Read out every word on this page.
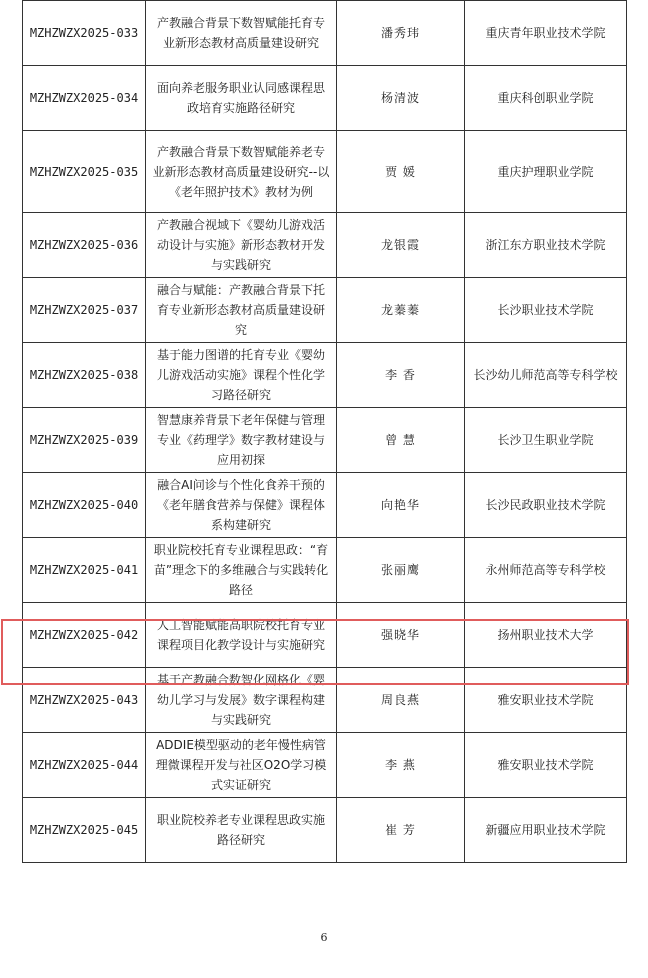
MZHZWZX2025-033	产教融合背景下数智赋能托育专业新形态教材高质量建设研究	潘秀玮	重庆青年职业技术学院
MZHZWZX2025-034	面向养老服务职业认同感课程思政培育实施路径研究	杨清波	重庆科创职业学院
MZHZWZX2025-035	产教融合背景下数智赋能养老专业新形态教材高质量建设研究--以《老年照护技术》教材为例	贾 媛	重庆护理职业学院
MZHZWZX2025-036	产教融合视域下《婴幼儿游戏活动设计与实施》新形态教材开发与实践研究	龙银霞	浙江东方职业技术学院
MZHZWZX2025-037	融合与赋能：产教融合背景下托育专业新形态教材高质量建设研究	龙蓁蓁	长沙职业技术学院
MZHZWZX2025-038	基于能力图谱的托育专业《婴幼儿游戏活动实施》课程个性化学习路径研究	李 香	长沙幼儿师范高等专科学校
MZHZWZX2025-039	智慧康养背景下老年保健与管理专业《药理学》数字教材建设与应用初探	曾 慧	长沙卫生职业学院
MZHZWZX2025-040	融合AI问诊与个性化食养干预的《老年膳食营养与保健》课程体系构建研究	向艳华	长沙民政职业技术学院
MZHZWZX2025-041	职业院校托育专业课程思政：“育苗”理念下的多维融合与实践转化路径	张丽鹰	永州师范高等专科学校
MZHZWZX2025-042	人工智能赋能高职院校托育专业课程项目化教学设计与实施研究	强晓华	扬州职业技术大学
MZHZWZX2025-043	基于产教融合数智化网格化《婴幼儿学习与发展》数字课程构建与实践研究	周良燕	雅安职业技术学院
MZHZWZX2025-044	ADDIE模型驱动的老年慢性病管理微课程开发与社区O2O学习模式实证研究	李 燕	雅安职业技术学院
MZHZWZX2025-045	职业院校养老专业课程思政实施路径研究	崔 芳	新疆应用职业技术学院
6
